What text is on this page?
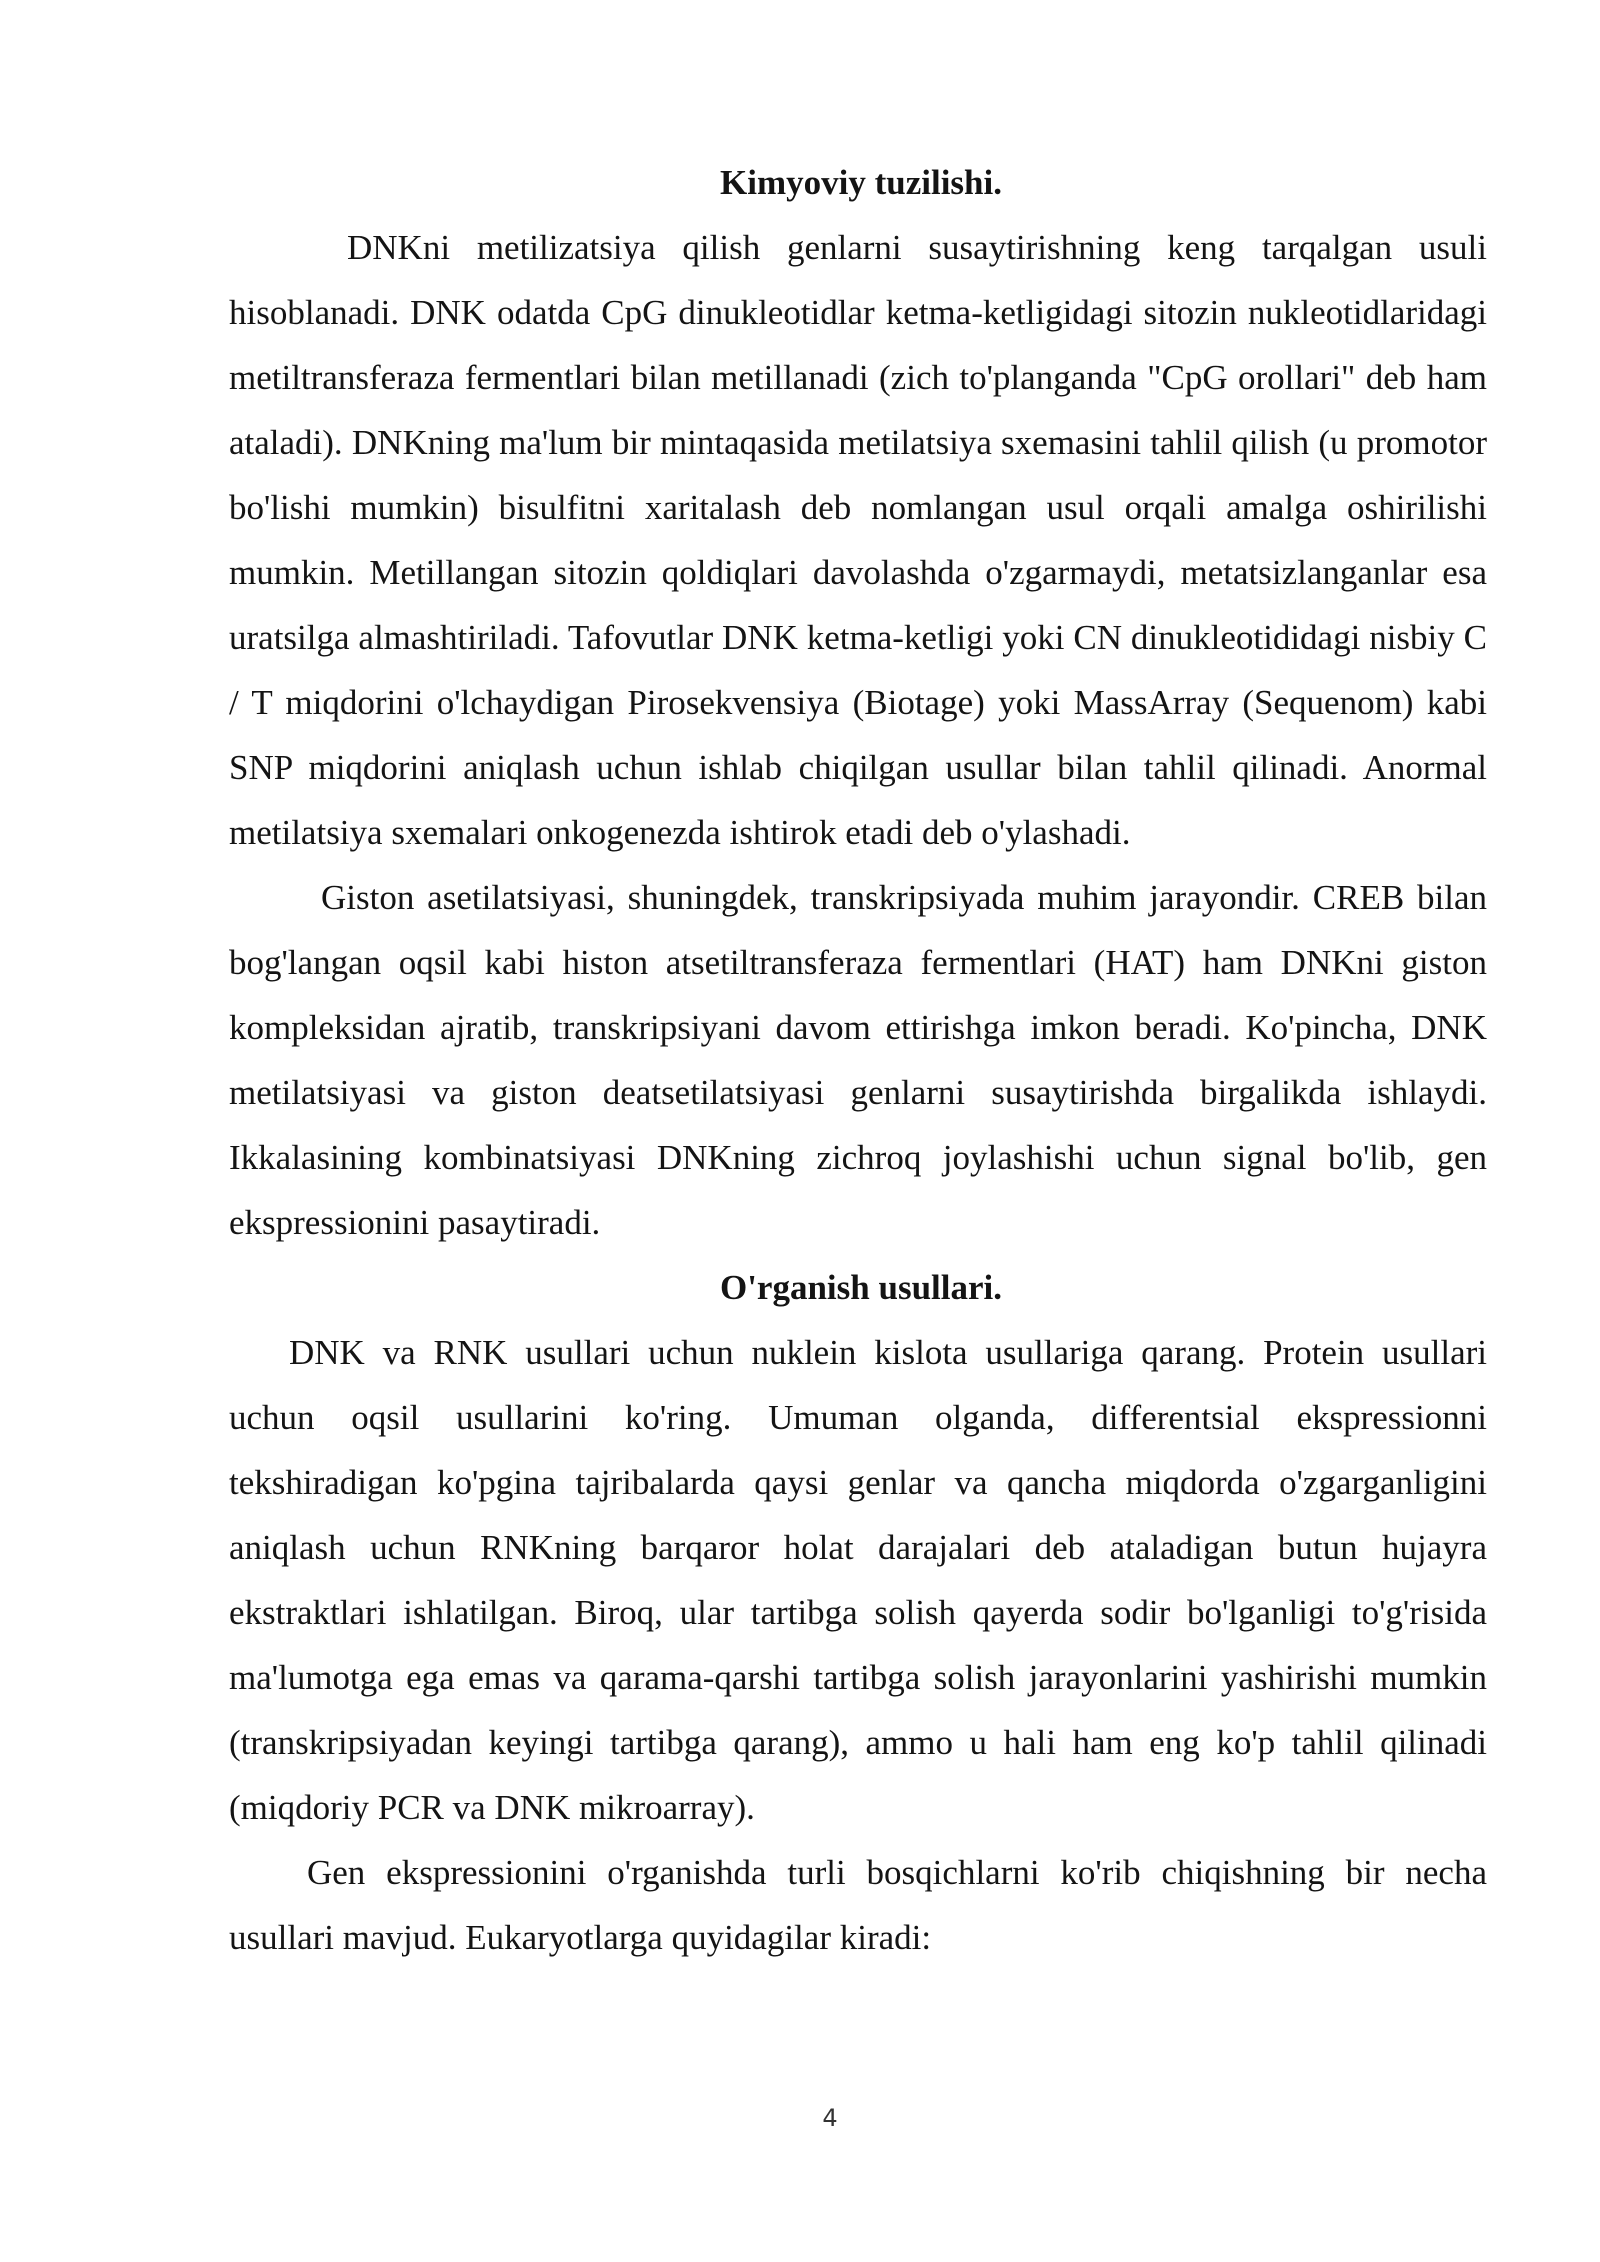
Kimyoviy tuzilishi.

DNKni metilizatsiya qilish genlarni susaytirishning keng tarqalgan usuli hisoblanadi. DNK odatda CpG dinukleotidlar ketma-ketligidagi sitozin nukleotidlaridagi metiltransferaza fermentlari bilan metillanadi (zich to'planganda "CpG orollari" deb ham ataladi). DNKning ma'lum bir mintaqasida metilatsiya sxemasini tahlil qilish (u promotor bo'lishi mumkin) bisulfitni xaritalash deb nomlangan usul orqali amalga oshirilishi mumkin. Metillangan sitozin qoldiqlari davolashda o'zgarmaydi, metatsizlanganlar esa uratsilga almashtiriladi. Tafovutlar DNK ketma-ketligi yoki CN dinukleotididagi nisbiy C / T miqdorini o'lchaydigan Pirosekvensiya (Biotage) yoki MassArray (Sequenom) kabi SNP miqdorini aniqlash uchun ishlab chiqilgan usullar bilan tahlil qilinadi. Anormal metilatsiya sxemalari onkogenezda ishtirok etadi deb o'ylashadi.

Giston asetilatsiyasi, shuningdek, transkripsiyada muhim jarayondir. CREB bilan bog'langan oqsil kabi histon atsetiltransferaza fermentlari (HAT) ham DNKni giston kompleksidan ajratib, transkripsiyani davom ettirishga imkon beradi. Ko'pincha, DNK metilatsiyasi va giston deatsetilatsiyasi genlarni susaytirishda birgalikda ishlaydi. Ikkalasining kombinatsiyasi DNKning zichroq joylashishi uchun signal bo'lib, gen ekspressionini pasaytiradi.

O'rganish usullari.

DNK va RNK usullari uchun nuklein kislota usullariga qarang. Protein usullari uchun oqsil usullarini ko'ring. Umuman olganda, differentsial ekspressionni tekshiradigan ko'pgina tajribalarda qaysi genlar va qancha miqdorda o'zgarganligini aniqlash uchun RNKning barqaror holat darajalari deb ataladigan butun hujayra ekstraktlari ishlatilgan. Biroq, ular tartibga solish qayerda sodir bo'lganligi to'g'risida ma'lumotga ega emas va qarama-qarshi tartibga solish jarayonlarini yashirishi mumkin (transkripsiyadan keyingi tartibga qarang), ammo u hali ham eng ko'p tahlil qilinadi (miqdoriy PCR va DNK mikroarray).

Gen ekspressionini o'rganishda turli bosqichlarni ko'rib chiqishning bir necha usullari mavjud. Eukaryotlarga quyidagilar kiradi:

4
